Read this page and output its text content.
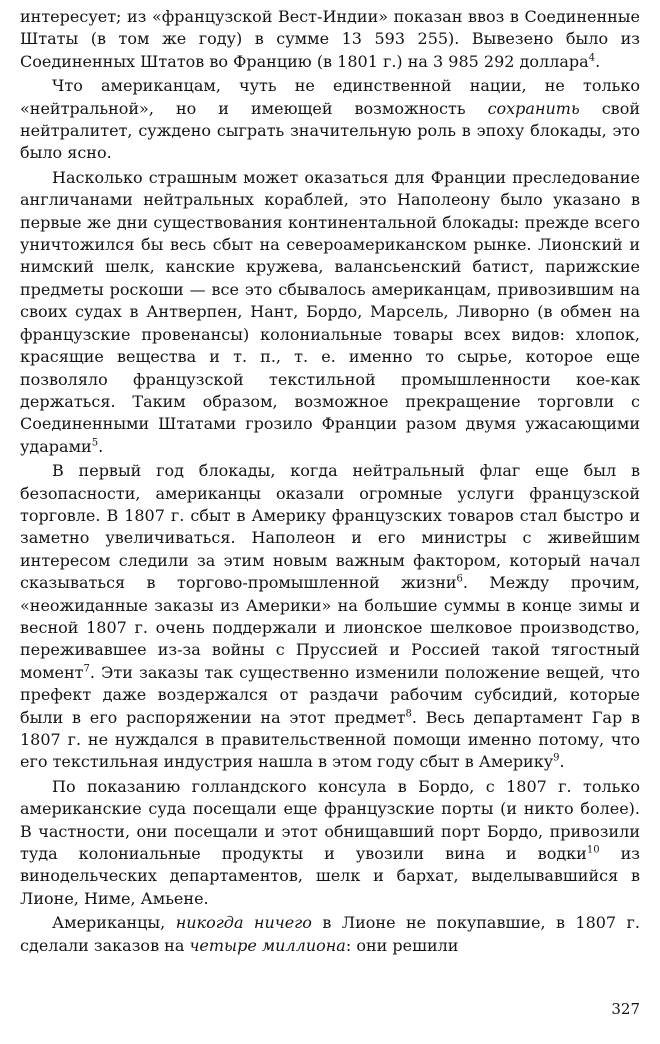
интересует; из «французской Вест-Индии» показан ввоз в Соединенные Штаты (в том же году) в сумме 13 593 255). Вывезено было из Соединенных Штатов во Францию (в 1801 г.) на 3 985 292 доллара$^4$.

Что американцам, чуть не единственной нации, не только «нейтральной», но и имеющей возможность сохранить свой нейтралитет, суждено сыграть значительную роль в эпоху блокады, это было ясно.

Насколько страшным может оказаться для Франции преследование англичанами нейтральных кораблей, это Наполеону было указано в первые же дни существования континентальной блокады: прежде всего уничтожился бы весь сбыт на североамериканском рынке. Лионский и нимский шелк, канские кружева, валансьенский батист, парижские предметы роскоши — все это сбывалось американцам, привозившим на своих судах в Антверпен, Нант, Бордо, Марсель, Ливорно (в обмен на французские провенансы) колониальные товары всех видов: хлопок, красящие вещества и т. п., т. е. именно то сырье, которое еще позволяло французской текстильной промышленности кое-как держаться. Таким образом, возможное прекращение торговли с Соединенными Штатами грозило Франции разом двумя ужасающими ударами$^5$.

В первый год блокады, когда нейтральный флаг еще был в безопасности, американцы оказали огромные услуги французской торговле. В 1807 г. сбыт в Америку французских товаров стал быстро и заметно увеличиваться. Наполеон и его министры с живейшим интересом следили за этим новым важным фактором, который начал сказываться в торгово-промышленной жизни$^6$. Между прочим, «неожиданные заказы из Америки» на большие суммы в конце зимы и весной 1807 г. очень поддержали и лионское шелковое производство, переживавшее из-за войны с Пруссией и Россией такой тягостный момент$^7$. Эти заказы так существенно изменили положение вещей, что префект даже воздержался от раздачи рабочим субсидий, которые были в его распоряжении на этот предмет$^8$. Весь департамент Гар в 1807 г. не нуждался в правительственной помощи именно потому, что его текстильная индустрия нашла в этом году сбыт в Америку$^9$.

По показанию голландского консула в Бордо, с 1807 г. только американские суда посещали еще французские порты (и никто более). В частности, они посещали и этот обнищавший порт Бордо, привозили туда колониальные продукты и увозили вина и водки$^{10}$ из винодельческих департаментов, шелк и бархат, выделывавшийся в Лионе, Ниме, Амьене.

Американцы, никогда ничего в Лионе не покупавшие, в 1807 г. сделали заказов на четыре миллиона: они решили

327
